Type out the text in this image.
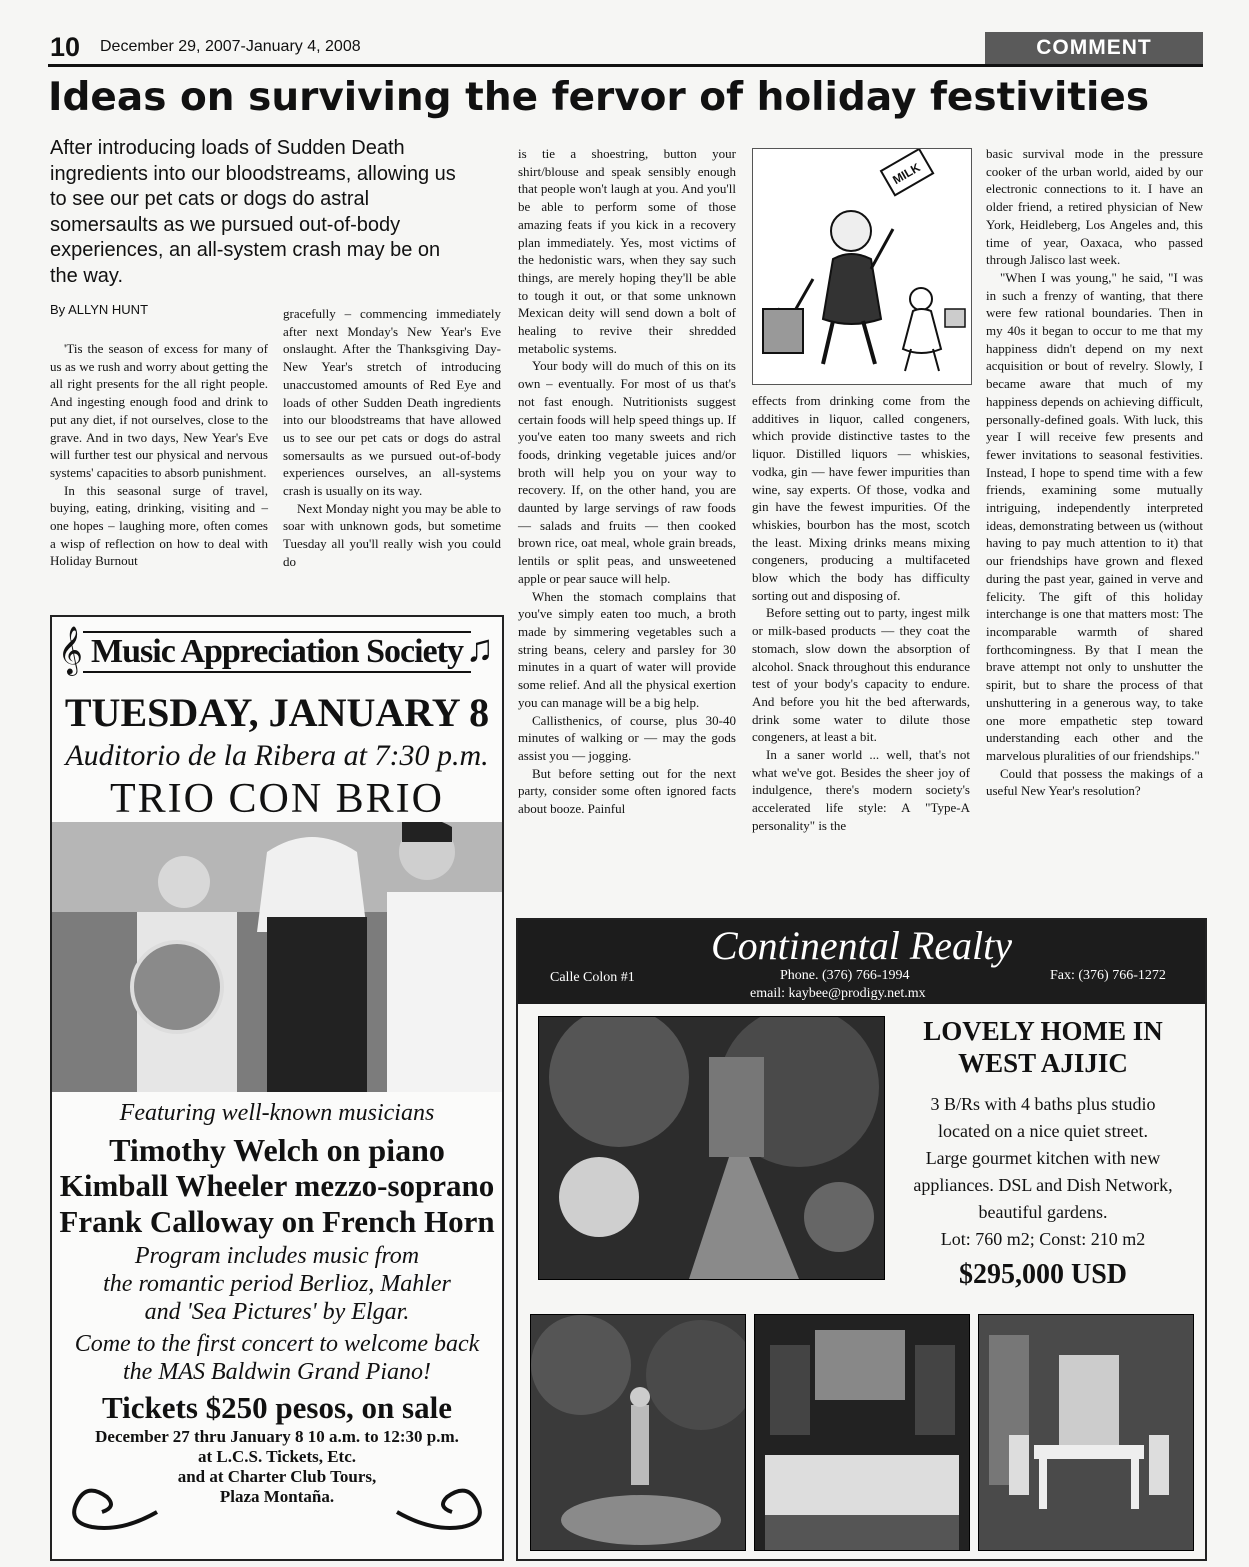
10 December 29, 2007-January 4, 2008	COMMENT
Ideas on surviving the fervor of holiday festivities
After introducing loads of Sudden Death ingredients into our bloodstreams, allowing us to see our pet cats or dogs do astral somersaults as we pursued out-of-body experiences, an all-system crash may be on the way.
By ALLYN HUNT

'Tis the season of excess for many of us as we rush and worry about getting the all right presents for the all right people. And ingesting enough food and drink to put any diet, if not ourselves, close to the grave. And in two days, New Year's Eve will further test our physical and nervous systems' capacities to absorb punishment.

In this seasonal surge of travel, buying, eating, drinking, visiting and – one hopes – laughing more, often comes a wisp of reflection on how to deal with Holiday Burnout

gracefully – commencing immediately after next Monday's New Year's Eve onslaught. After the Thanksgiving Day-New Year's stretch of introducing unaccustomed amounts of Red Eye and loads of other Sudden Death ingredients into our bloodstreams that have allowed us to see our pet cats or dogs do astral somersaults as we pursued out-of-body experiences ourselves, an all-systems crash is usually on its way.

Next Monday night you may be able to soar with unknown gods, but sometime Tuesday all you'll really wish you could do

is tie a shoestring, button your shirt/blouse and speak sensibly enough that people won't laugh at you. And you'll be able to perform some of those amazing feats if you kick in a recovery plan immediately. Yes, most victims of the hedonistic wars, when they say such things, are merely hoping they'll be able to tough it out, or that some unknown Mexican deity will send down a bolt of healing to revive their shredded metabolic systems.

Your body will do much of this on its own – eventually. For most of us that's not fast enough. Nutritionists suggest certain foods will help speed things up. If you've eaten too many sweets and rich foods, drinking vegetable juices and/or broth will help you on your way to recovery. If, on the other hand, you are daunted by large servings of raw foods — salads and fruits — then cooked brown rice, oat meal, whole grain breads, lentils or split peas, and unsweetened apple or pear sauce will help.

When the stomach complains that you've simply eaten too much, a broth made by simmering vegetables such a string beans, celery and parsley for 30 minutes in a quart of water will provide some relief. And all the physical exertion you can manage will be a big help.

Callisthenics, of course, plus 30-40 minutes of walking or — may the gods assist you — jogging.

But before setting out for the next party, consider some often ignored facts about booze. Painful

MILK

effects from drinking come from the additives in liquor, called congeners, which provide distinctive tastes to the liquor. Distilled liquors — whiskies, vodka, gin — have fewer impurities than wine, say experts. Of those, vodka and gin have the fewest impurities. Of the whiskies, bourbon has the most, scotch the least. Mixing drinks means mixing congeners, producing a multifaceted blow which the body has difficulty sorting out and disposing of.

Before setting out to party, ingest milk or milk-based products — they coat the stomach, slow down the absorption of alcohol. Snack throughout this endurance test of your body's capacity to endure. And before you hit the bed afterwards, drink some water to dilute those congeners, at least a bit.

In a saner world ... well, that's not what we've got. Besides the sheer joy of indulgence, there's modern society's accelerated life style: A "Type-A personality" is the

basic survival mode in the pressure cooker of the urban world, aided by our electronic connections to it. I have an older friend, a retired physician of New York, Heidleberg, Los Angeles and, this time of year, Oaxaca, who passed through Jalisco last week.

"When I was young," he said, "I was in such a frenzy of wanting, that there were few rational boundaries. Then in my 40s it began to occur to me that my happiness didn't depend on my next acquisition or bout of revelry. Slowly, I became aware that much of my happiness depends on achieving difficult, personally-defined goals. With luck, this year I will receive few presents and fewer invitations to seasonal festivities. Instead, I hope to spend time with a few friends, examining some mutually intriguing, independently interpreted ideas, demonstrating between us (without having to pay much attention to it) that our friendships have grown and flexed during the past year, gained in verve and felicity. The gift of this holiday interchange is one that matters most: The incomparable warmth of shared forthcomingness. By that I mean the brave attempt not only to unshutter the spirit, but to share the process of that unshuttering in a generous way, to take one more empathetic step toward understanding each other and the marvelous pluralities of our friendships."

Could that possess the makings of a useful New Year's resolution?

𝄞 Music Appreciation Society ♫
TUESDAY, JANUARY 8
Auditorio de la Ribera at 7:30 p.m.
TRIO CON BRIO
Featuring well-known musicians
Timothy Welch on piano
Kimball Wheeler mezzo-soprano
Frank Calloway on French Horn
Program includes music from
the romantic period Berlioz, Mahler
and 'Sea Pictures' by Elgar.
Come to the first concert to welcome back
the MAS Baldwin Grand Piano!
Tickets $250 pesos, on sale
December 27 thru January 8 10 a.m. to 12:30 p.m.
at L.C.S. Tickets, Etc.
and at Charter Club Tours,
Plaza Montaña.
Continental Realty
Calle Colon #1	Phone. (376) 766-1994	Fax: (376) 766-1272
email: kaybee@prodigy.net.mx
LOVELY HOME IN
WEST AJIJIC
3 B/Rs with 4 baths plus studio
located on a nice quiet street.
Large gourmet kitchen with new
appliances. DSL and Dish Network,
beautiful gardens.
Lot: 760 m2; Const: 210 m2
$295,000 USD
